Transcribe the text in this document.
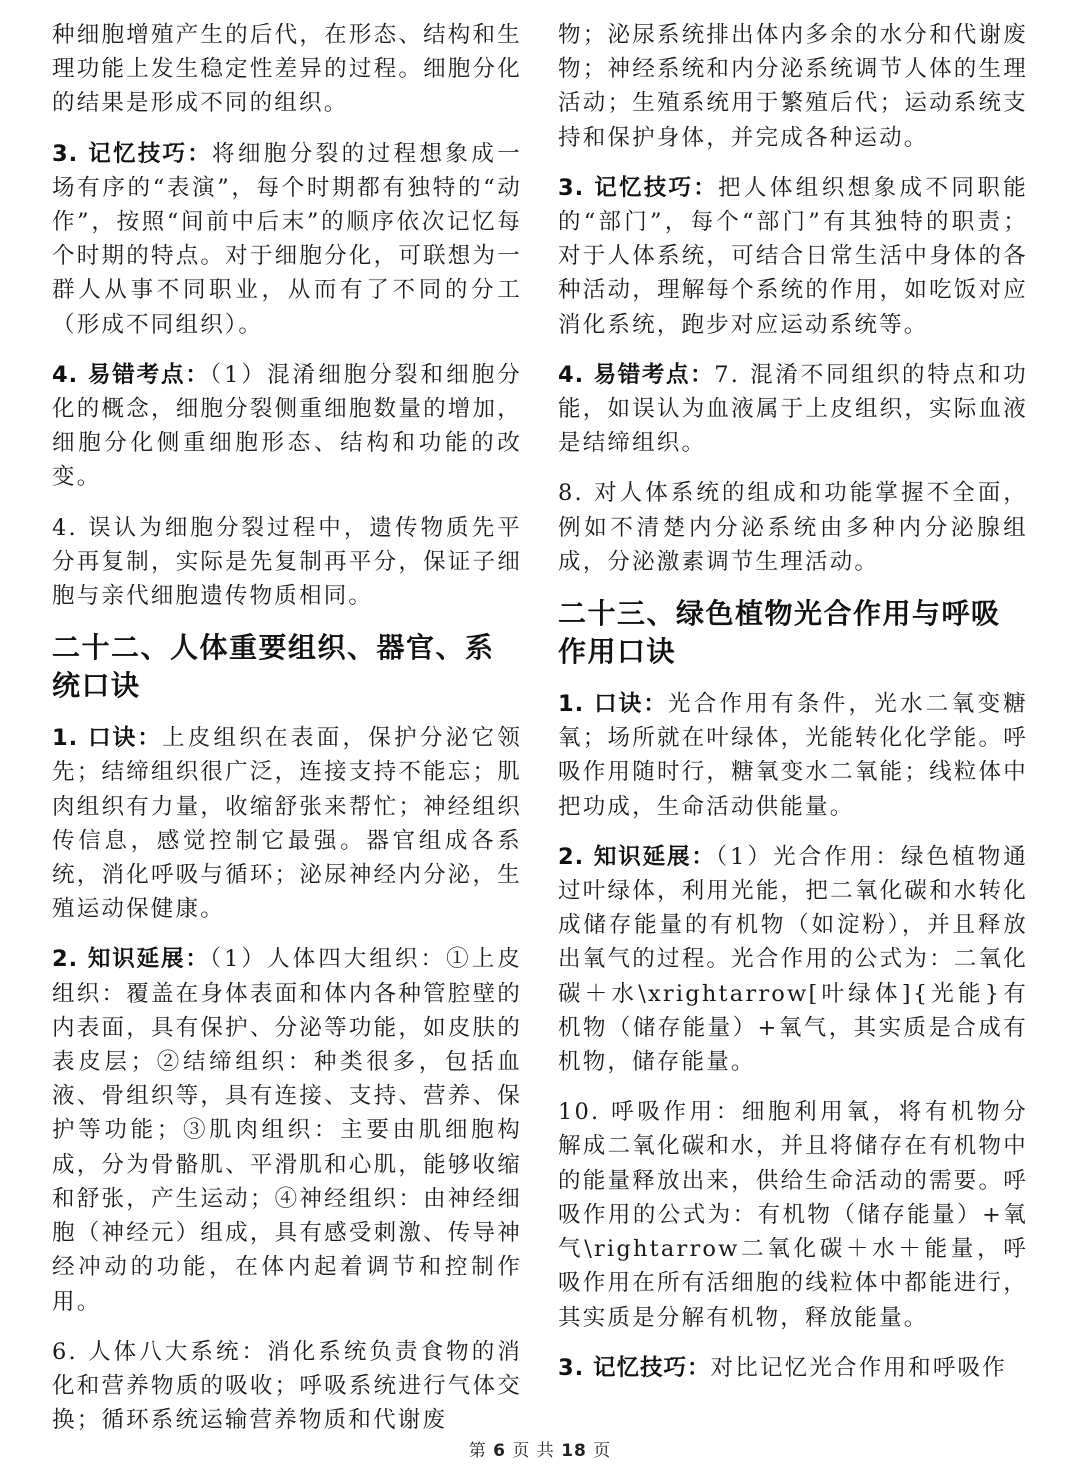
种细胞增殖产生的后代，在形态、结构和生理功能上发生稳定性差异的过程。细胞分化的结果是形成不同的组织。

3. 记忆技巧：将细胞分裂的过程想象成一场有序的“表演”，每个时期都有独特的“动作”，按照“间前中后末”的顺序依次记忆每个时期的特点。对于细胞分化，可联想为一群人从事不同职业，从而有了不同的分工（形成不同组织）。

4. 易错考点：（1）混淆细胞分裂和细胞分化的概念，细胞分裂侧重细胞数量的增加，细胞分化侧重细胞形态、结构和功能的改变。

4. 误认为细胞分裂过程中，遗传物质先平分再复制，实际是先复制再平分，保证子细胞与亲代细胞遗传物质相同。

二十二、人体重要组织、器官、系统口诀

1. 口诀：上皮组织在表面，保护分泌它领先；结缔组织很广泛，连接支持不能忘；肌肉组织有力量，收缩舒张来帮忙；神经组织传信息，感觉控制它最强。器官组成各系统，消化呼吸与循环；泌尿神经内分泌，生殖运动保健康。

2. 知识延展：（1）人体四大组织：①上皮组织：覆盖在身体表面和体内各种管腔壁的内表面，具有保护、分泌等功能，如皮肤的表皮层；②结缔组织：种类很多，包括血液、骨组织等，具有连接、支持、营养、保护等功能；③肌肉组织：主要由肌细胞构成，分为骨骼肌、平滑肌和心肌，能够收缩和舒张，产生运动；④神经组织：由神经细胞（神经元）组成，具有感受刺激、传导神经冲动的功能，在体内起着调节和控制作用。

6. 人体八大系统：消化系统负责食物的消化和营养物质的吸收；呼吸系统进行气体交换；循环系统运输营养物质和代谢废

物；泌尿系统排出体内多余的水分和代谢废物；神经系统和内分泌系统调节人体的生理活动；生殖系统用于繁殖后代；运动系统支持和保护身体，并完成各种运动。

3. 记忆技巧：把人体组织想象成不同职能的“部门”，每个“部门”有其独特的职责；对于人体系统，可结合日常生活中身体的各种活动，理解每个系统的作用，如吃饭对应消化系统，跑步对应运动系统等。

4. 易错考点：7. 混淆不同组织的特点和功能，如误认为血液属于上皮组织，实际血液是结缔组织。

8. 对人体系统的组成和功能掌握不全面，例如不清楚内分泌系统由多种内分泌腺组成，分泌激素调节生理活动。

二十三、绿色植物光合作用与呼吸作用口诀

1. 口诀：光合作用有条件，光水二氧变糖氧；场所就在叶绿体，光能转化化学能。呼吸作用随时行，糖氧变水二氧能；线粒体中把功成，生命活动供能量。

2. 知识延展：（1）光合作用：绿色植物通过叶绿体，利用光能，把二氧化碳和水转化成储存能量的有机物（如淀粉），并且释放出氧气的过程。光合作用的公式为：二氧化碳＋水\xrightarrow[叶绿体]{光能}有机物（储存能量）+氧气，其实质是合成有机物，储存能量。

10. 呼吸作用：细胞利用氧，将有机物分解成二氧化碳和水，并且将储存在有机物中的能量释放出来，供给生命活动的需要。呼吸作用的公式为：有机物（储存能量）+氧气\rightarrow二氧化碳＋水＋能量，呼吸作用在所有活细胞的线粒体中都能进行，其实质是分解有机物，释放能量。

3. 记忆技巧：对比记忆光合作用和呼吸作

第 6 页 共 18 页
